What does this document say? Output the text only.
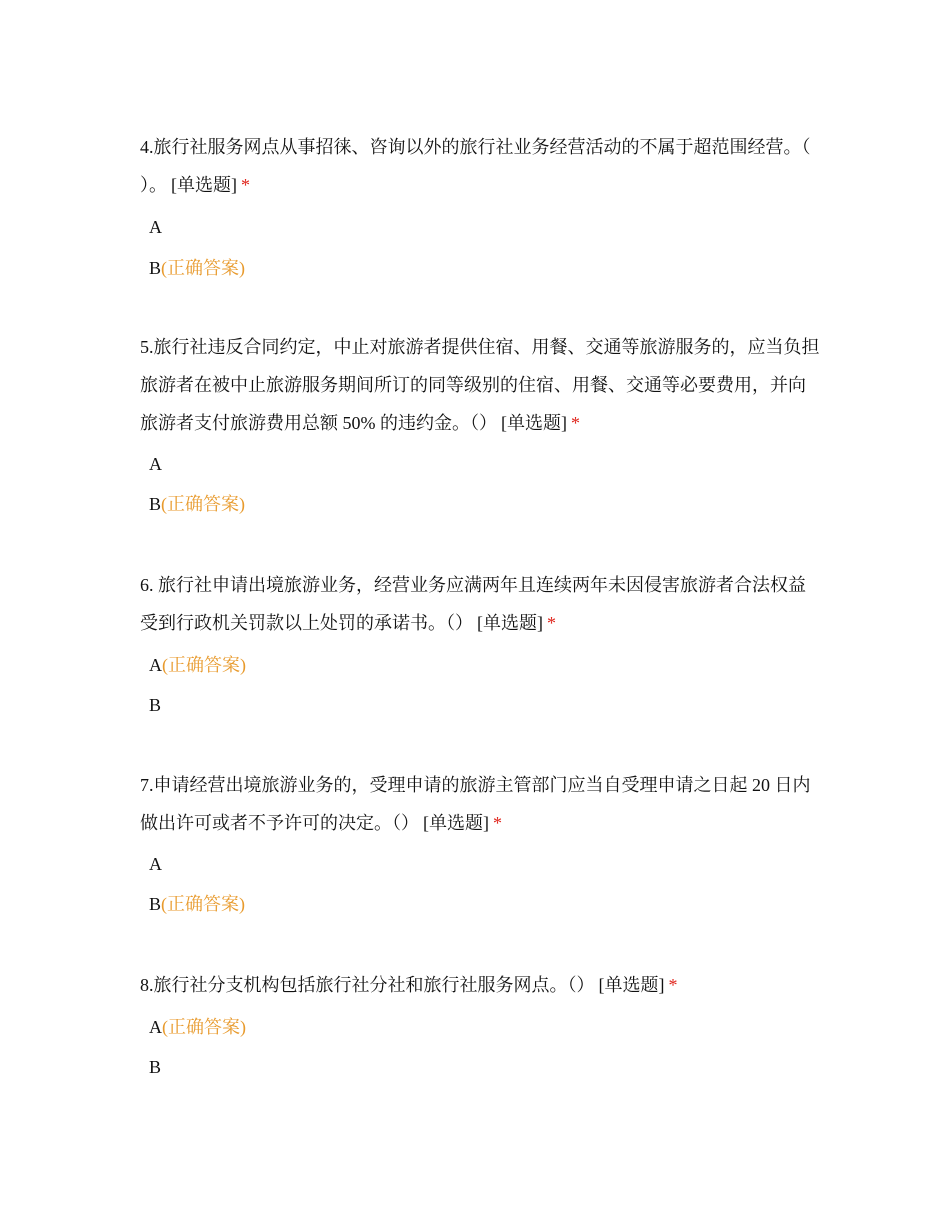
4.旅行社服务网点从事招徕、咨询以外的旅行社业务经营活动的不属于超范围经营。（ ）。 [单选题] *

A
B(正确答案)

5.旅行社违反合同约定，中止对旅游者提供住宿、用餐、交通等旅游服务的，应当负担旅游者在被中止旅游服务期间所订的同等级别的住宿、用餐、交通等必要费用，并向旅游者支付旅游费用总额 50% 的违约金。（） [单选题] *

A
B(正确答案)

6. 旅行社申请出境旅游业务，经营业务应满两年且连续两年未因侵害旅游者合法权益受到行政机关罚款以上处罚的承诺书。（） [单选题] *

A(正确答案)
B

7.申请经营出境旅游业务的，受理申请的旅游主管部门应当自受理申请之日起 20 日内做出许可或者不予许可的决定。（） [单选题] *

A
B(正确答案)

8.旅行社分支机构包括旅行社分社和旅行社服务网点。（） [单选题] *

A(正确答案)
B
